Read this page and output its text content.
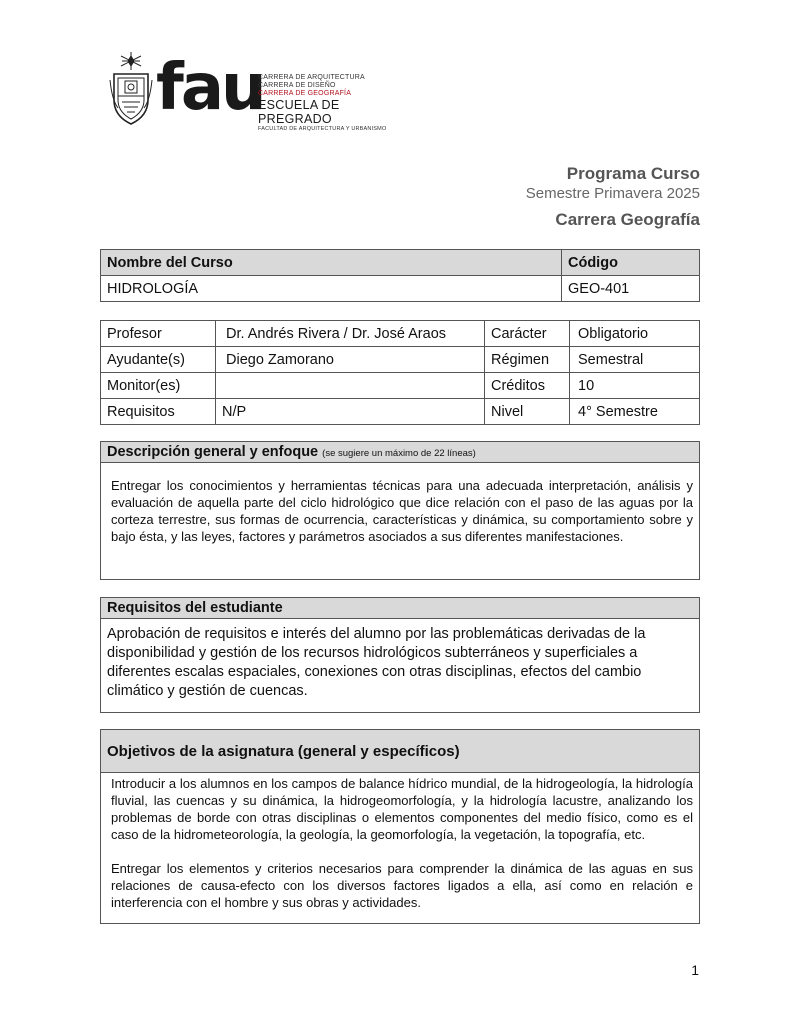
fau
CARRERA DE ARQUITECTURA
CARRERA DE DISEÑO
CARRERA DE GEOGRAFÍA
ESCUELA DE PREGRADO
FACULTAD DE ARQUITECTURA Y URBANISMO
Programa Curso
Semestre Primavera 2025
Carrera Geografía
Nombre del Curso	Código
HIDROLOGÍA	GEO-401
Profesor	Dr. Andrés Rivera / Dr. José Araos	Carácter	Obligatorio
Ayudante(s)	Diego Zamorano	Régimen	Semestral
Monitor(es)		Créditos	10
Requisitos	N/P	Nivel	4° Semestre
Descripción general y enfoque (se sugiere un máximo de 22 líneas)
Entregar los conocimientos y herramientas técnicas para una adecuada interpretación, análisis y evaluación de aquella parte del ciclo hidrológico que dice relación con el paso de las aguas por la corteza terrestre, sus formas de ocurrencia, características y dinámica, su comportamiento sobre y bajo ésta, y las leyes, factores y parámetros asociados a sus diferentes manifestaciones.
Requisitos del estudiante
Aprobación de requisitos e interés del alumno por las problemáticas derivadas de la disponibilidad y gestión de los recursos hidrológicos subterráneos y superficiales a diferentes escalas espaciales, conexiones con otras disciplinas, efectos del cambio climático y gestión de cuencas.
Objetivos de la asignatura (general y específicos)
Introducir a los alumnos en los campos de balance hídrico mundial, de la hidrogeología, la hidrología fluvial, las cuencas y su dinámica, la hidrogeomorfología, y la hidrología lacustre, analizando los problemas de borde con otras disciplinas o elementos componentes del medio físico, como es el caso de la hidrometeorología, la geología, la geomorfología, la vegetación, la topografía, etc.
Entregar los elementos y criterios necesarios para comprender la dinámica de las aguas en sus relaciones de causa-efecto con los diversos factores ligados a ella, así como en relación e interferencia con el hombre y sus obras y actividades.
1
